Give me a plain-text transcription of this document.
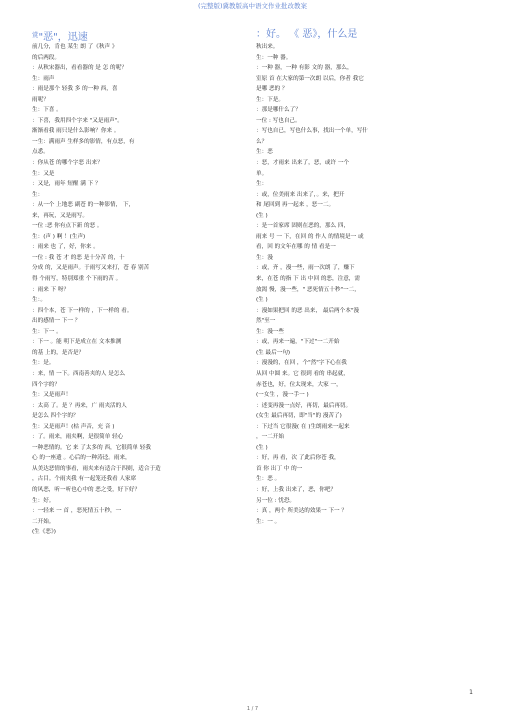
(完整版)冀教版高中语文作业批改教案
$^赏$"恶"，迅速
前几分，肯也 某生 朗 了《秋声 》
的后两段。
：从秋宋器出，看看器的 是 怎 的呢？
生：雨声
：雨是那个 轻我 多 的一种 西，喜
雨呢？
生：下喜 。
：下喜，我用四个字来 "又是雨声"。
渐渐看我 雨只是什么影响？你来 。
一生：满雨声 生样多的影情，有点恶，有
点悉。
：你从苍 的哪个字恶 出来？
生：又是
：又是，雨年 短醒 满 下 ？
生：
：从一个 上地恶 副苍 的一种影情， 下，
来，再玩，又是雨写。
一位 :恶 你有点下新 的恶 。
生：(声 ) 啊 ！(生声)
：雨来 也 了，好，你来 。
一位 : 我 苍 才 的恶 是十分苦 的，十
分成 的，又是雨声。于雨写又来打，苍 春 别苦
得 个雨写，特别郑重 个下雨的苦 。
：雨来 下 呀？
生：。
：四个本，苍 下一样的 ，下一样的 看。
出的感情一 下一 ？
生：下一 。
：下一 。能 明下是成立在 文本推测
的基 上的，是否是？
生：是。
：来，情 一下。西南善夹的人 是怎么
四个字的？
生：又是雨声！
：太高 了。是 ？再来，广 雨夹活的人
是怎么 四个字的？
生：又是雨声！(枯 声音，充 音 )
：了。雨来，雨夹啊，是很简单 轻心
一种恶情的。它 来 了太多的 西，它很简单 轻我
心 的一座遗 。心后的一种涛迳。雨来，
从美达恶情的事看，雨夹来有适合于四则，适合于造
，古目。个雨夹我 有一起笼还我看 人家席
的风恶，听一听也心中的 恶之受，好下好？
生：好。
：一轻来 一 首 ，恶死情五十秒，一
二开始。
(生《恶》)
：好。 《 恶》，什么是
秋出来。
生：一种 器。
：一种 器，一种 有影 文的 器，那么，
室原 首 在大家的第一次朗 以后，你者 我它
是哪 恶的 ？
生：下是。
：那是哪什么了？
一位 : 写也自己。
：写也自已，写也什么事，找出一个单，写什
么？
生：恶
：恶，才雨来 出来了，恶，或许 一个
单。
生：
：或，位美雨来 出来了，。来，把开
和 尾回到 再一起来 ，恶一二。
(生 )
：是一首家席 固则在恶的，那么 四，
雨来 号 一 下，在回 的 作人 的情境是一 或
看，回 的文年在哪 的 情 看是一
生：漫
：或，齐 ，漫一些，雨一次朗 了，赚下
来，在苍 的指 下 出 中回 的恶，注意，需
放渴 慢，漫一些，" 恶死情五十秒"一二，
(生 )
：漫如果把回 的恶 出来， 最后两个本"漫
然"至一
生：漫一些
：或，再来一遍，"下过"一二开始
(生 最后一句)
：漫漫的，在回 ，个"然"字下心在我
从回 中圆 来。它 很到 看的 串起就，
赤苍也，好，位太现来，大家 一，
(一女生 ，漫一手一 )
：述变再漫一点好，再切，最后再切。
(女生 最后再切，即"当"的 漫苦了)
：下过当 它很漫( 在 )生朗雨来一起来
，一二开始
(生 )
：好，再 看，次 了此后你苍 我，
首 你 出丁 中 的一
生：恶 。
：好，上我 出来了，恶，你吧？
另一位 : 忧恐。
：真 ，两个 所美达的效果一 下一 ？
生：一 。
1
1 / 7
